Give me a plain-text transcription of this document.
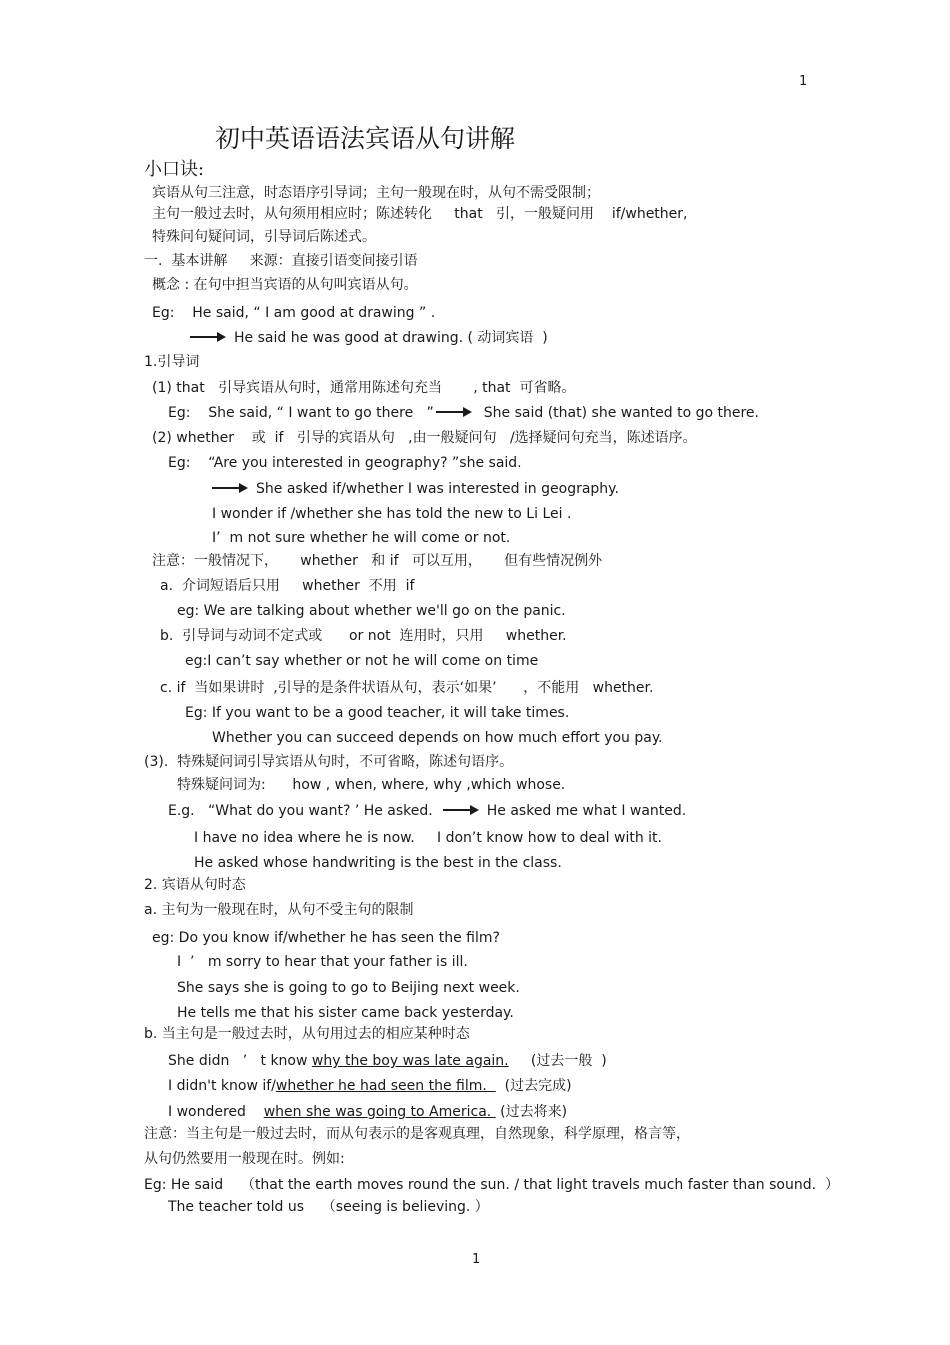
1
初中英语语法宾语从句讲解
小口诀:
宾语从句三注意，时态语序引导词；主句一般现在时，从句不需受限制；
主句一般过去时，从句须用相应时；陈述转化     that   引，一般疑问用    if/whether,
特殊问句疑问词，引导词后陈述式。
一.  基本讲解     来源：直接引语变间接引语
概念 : 在句中担当宾语的从句叫宾语从句。
Eg:    He said, “ I am good at drawing ” .
He said he was good at drawing. ( 动词宾语  )
1.引导词
(1) that   引导宾语从句时，通常用陈述句充当       , that  可省略。
Eg:    She said, “ I want to go there   ”	She said (that) she wanted to go there.
(2) whether    或  if   引导的宾语从句   ,由一般疑问句   /选择疑问句充当，陈述语序。
Eg:    “Are you interested in geography? ”she said.
She asked if/whether I was interested in geography.
I wonder if /whether she has told the new to Li Lei .
I’  m not sure whether he will come or not.
注意：一般情况下，     whether   和 if   可以互用，     但有些情况例外
a.  介词短语后只用     whether  不用  if
eg: We are talking about whether we'll go on the panic.
b.  引导词与动词不定式或      or not  连用时，只用     whether.
eg:I can’t say whether or not he will come on time
c. if  当如果讲时  ,引导的是条件状语从句，表示‘如果’      ，不能用   whether.
Eg: If you want to be a good teacher, it will take times.
Whether you can succeed depends on how much effort you pay.
(3).  特殊疑问词引导宾语从句时，不可省略，陈述句语序。
特殊疑问词为:      how , when, where, why ,which whose.
E.g.   “What do you want? ’ He asked.	He asked me what I wanted.
I have no idea where he is now.     I don’t know how to deal with it.
He asked whose handwriting is the best in the class.
2. 宾语从句时态
a. 主句为一般现在时，从句不受主句的限制
eg: Do you know if/whether he has seen the film?
I  ’   m sorry to hear that your father is ill.
She says she is going to go to Beijing next week.
He tells me that his sister came back yesterday.
b. 当主句是一般过去时，从句用过去的相应某种时态
She didn   ’   t know why the boy was late again.     (过去一般  )
I didn't know if/whether he had seen the film.    (过去完成)
I wondered    when she was going to America.  (过去将来)
注意：当主句是一般过去时，而从句表示的是客观真理，自然现象，科学原理，格言等，
从句仍然要用一般现在时。例如:
Eg: He said    （that the earth moves round the sun. / that light travels much faster than sound.  ）
The teacher told us    （seeing is believing. ）
1
